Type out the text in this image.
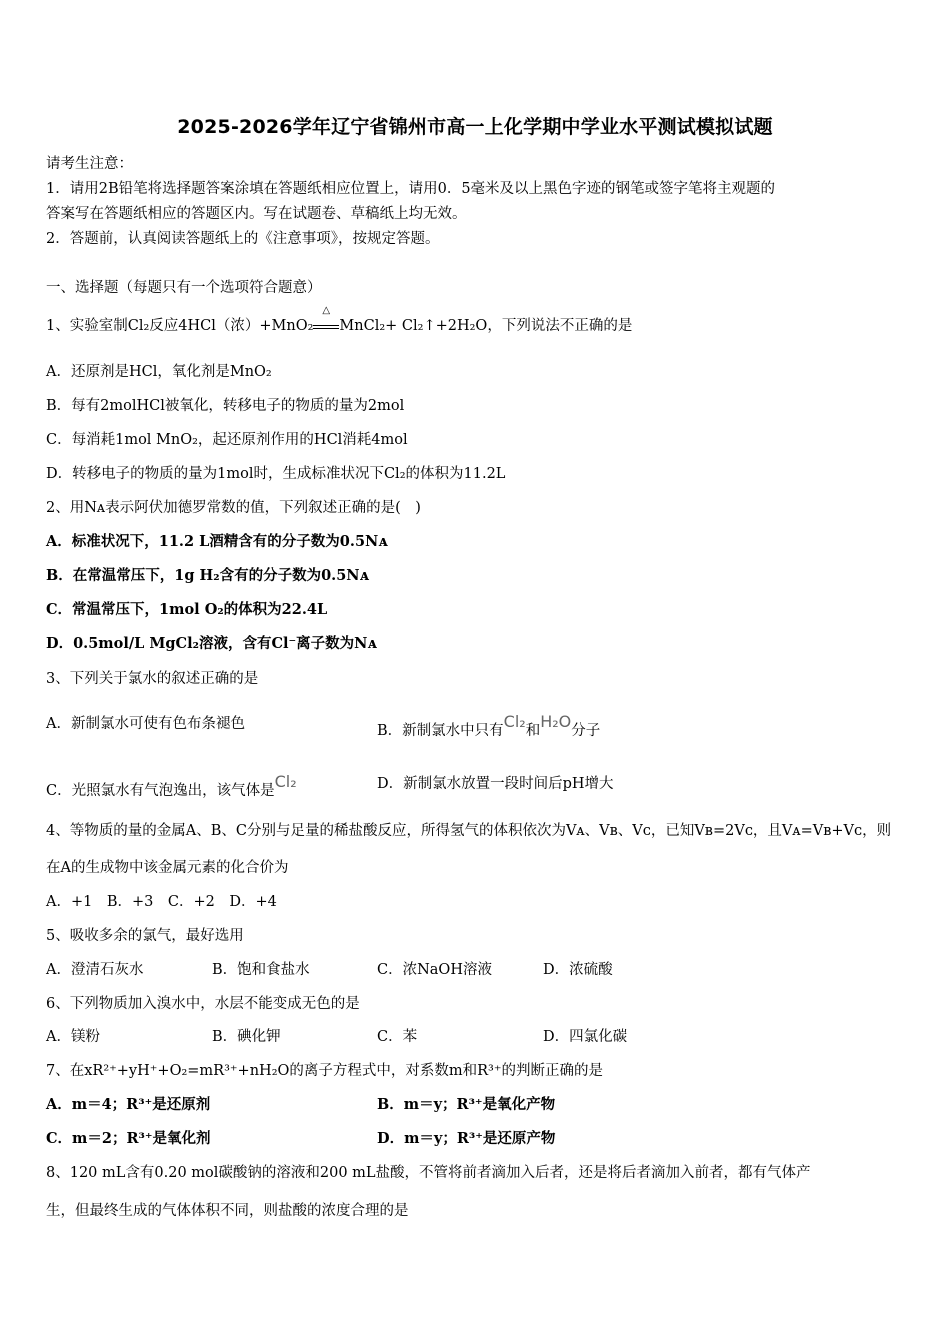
2025-2026学年辽宁省锦州市高一上化学期中学业水平测试模拟试题
请考生注意：
1．请用2B铅笔将选择题答案涂填在答题纸相应位置上，请用0．5毫米及以上黑色字迹的钢笔或签字笔将主观题的
答案写在答题纸相应的答题区内。写在试题卷、草稿纸上均无效。
2．答题前，认真阅读答题纸上的《注意事项》，按规定答题。
一、选择题（每题只有一个选项符合题意）
1、实验室制Cl₂反应4HCl（浓）+MnO₂
△
MnCl₂+ Cl₂↑+2H₂O，下列说法不正确的是
A．还原剂是HCl，氧化剂是MnO₂
B．每有2molHCl被氧化，转移电子的物质的量为2mol
C．每消耗1mol MnO₂，起还原剂作用的HCl消耗4mol
D．转移电子的物质的量为1mol时，生成标准状况下Cl₂的体积为11.2L
2、用Nᴀ表示阿伏加德罗常数的值，下列叙述正确的是(　)
A．标准状况下，11.2 L酒精含有的分子数为0.5Nᴀ
B．在常温常压下，1g H₂含有的分子数为0.5Nᴀ
C．常温常压下，1mol O₂的体积为22.4L
D．0.5mol/L MgCl₂溶液，含有Cl⁻离子数为Nᴀ
3、下列关于氯水的叙述正确的是
A．新制氯水可使有色布条褪色	B．新制氯水中只有Cl₂和H₂O分子
C．光照氯水有气泡逸出，该气体是Cl₂	D．新制氯水放置一段时间后pH增大
4、等物质的量的金属A、B、C分别与足量的稀盐酸反应，所得氢气的体积依次为Vᴀ、Vʙ、Vᴄ，已知Vʙ=2Vᴄ，且Vᴀ=Vʙ+Vᴄ，则
在A的生成物中该金属元素的化合价为
A．+1　B．+3　C．+2　D．+4
5、吸收多余的氯气，最好选用
A．澄清石灰水	B．饱和食盐水	C．浓NaOH溶液	D．浓硫酸
6、下列物质加入溴水中，水层不能变成无色的是
A．镁粉	B．碘化钾	C．苯	D．四氯化碳
7、在xR²⁺+yH⁺+O₂=mR³⁺+nH₂O的离子方程式中，对系数m和R³⁺的判断正确的是
A．m＝4；R³⁺是还原剂	B．m＝y；R³⁺是氧化产物
C．m＝2；R³⁺是氧化剂	D．m＝y；R³⁺是还原产物
8、120 mL含有0.20 mol碳酸钠的溶液和200 mL盐酸，不管将前者滴加入后者，还是将后者滴加入前者，都有气体产
生，但最终生成的气体体积不同，则盐酸的浓度合理的是
